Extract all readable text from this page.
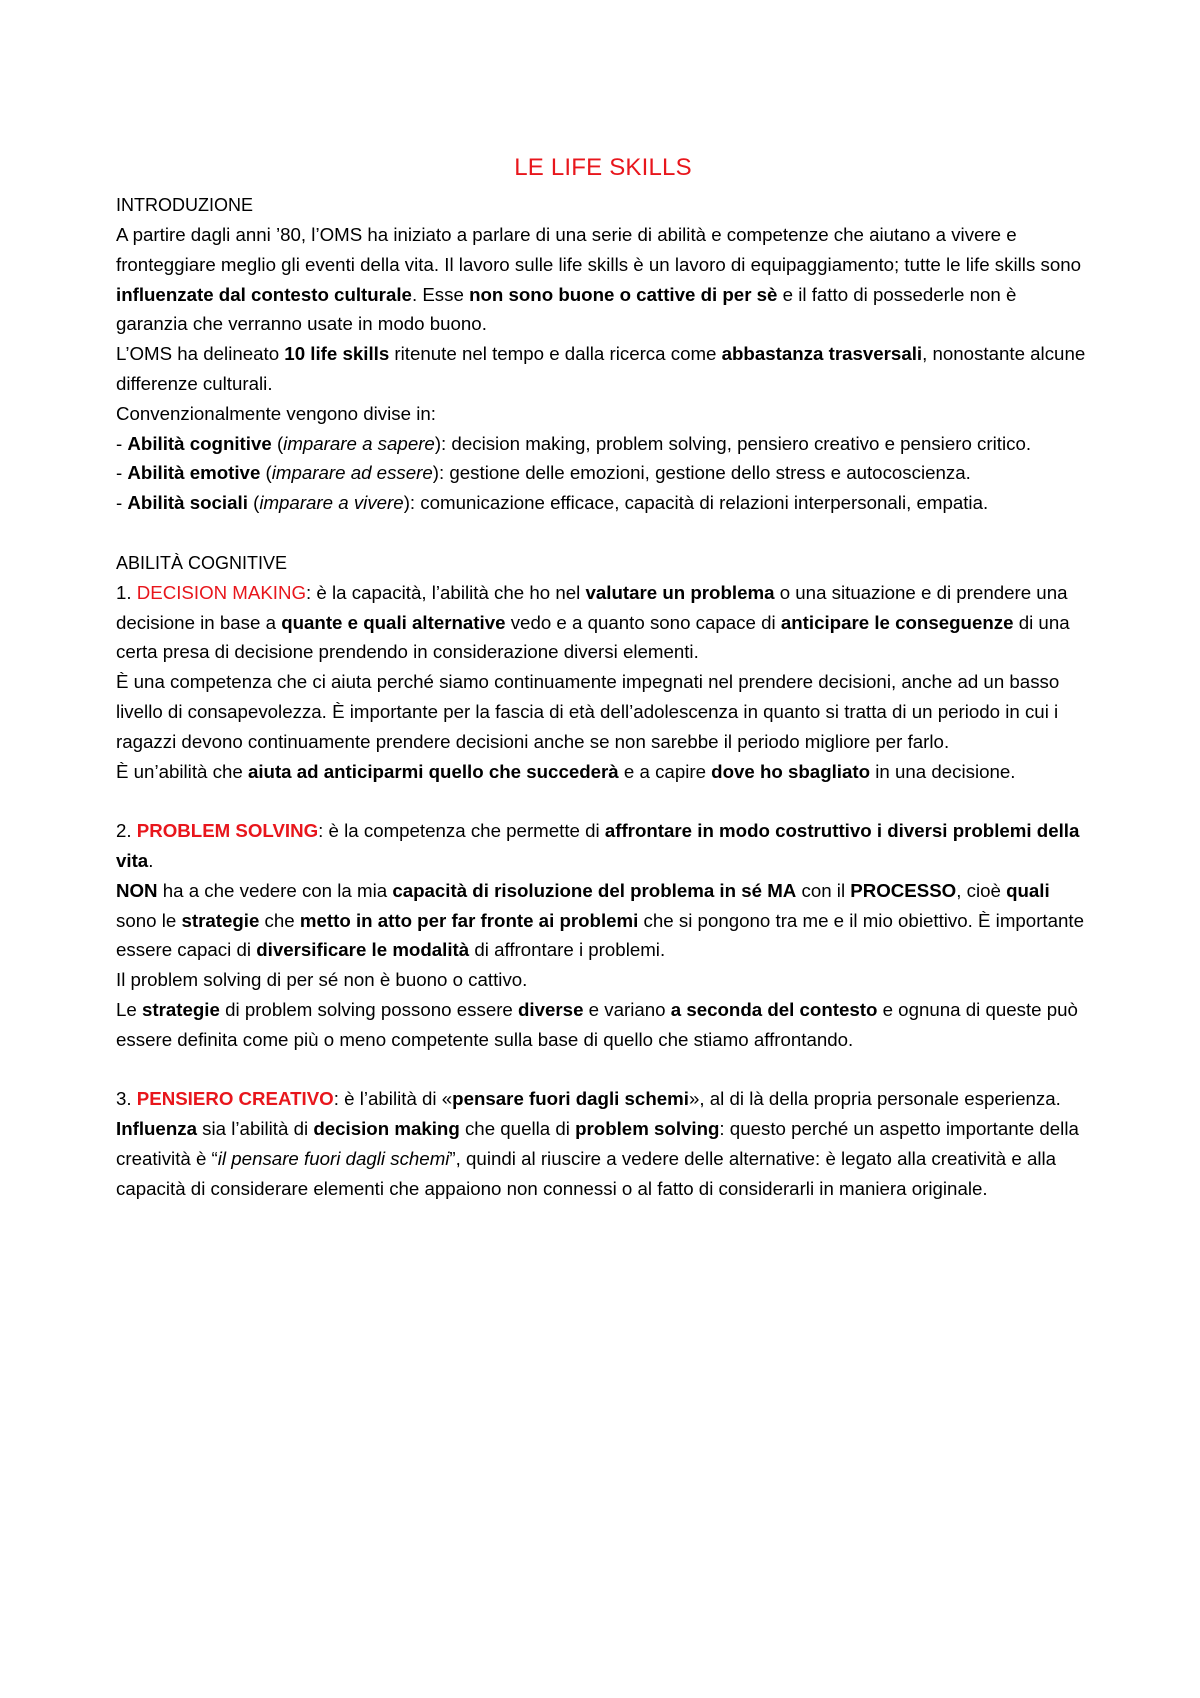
LE LIFE SKILLS
INTRODUZIONE

A partire dagli anni ’80, l’OMS ha iniziato a parlare di una serie di abilità e competenze che aiutano a vivere e fronteggiare meglio gli eventi della vita. Il lavoro sulle life skills è un lavoro di equipaggiamento; tutte le life skills sono influenzate dal contesto culturale. Esse non sono buone o cattive di per sè e il fatto di possederle non è garanzia che verranno usate in modo buono.

L’OMS ha delineato 10 life skills ritenute nel tempo e dalla ricerca come abbastanza trasversali, nonostante alcune differenze culturali.

Convenzionalmente vengono divise in:

- Abilità cognitive (imparare a sapere): decision making, problem solving, pensiero creativo e pensiero critico.

- Abilità emotive (imparare ad essere): gestione delle emozioni, gestione dello stress e autocoscienza.

- Abilità sociali (imparare a vivere): comunicazione efficace, capacità di relazioni interpersonali, empatia.

ABILITÀ COGNITIVE

1. DECISION MAKING: è la capacità, l’abilità che ho nel valutare un problema o una situazione e di prendere una decisione in base a quante e quali alternative vedo e a quanto sono capace di anticipare le conseguenze di una certa presa di decisione prendendo in considerazione diversi elementi.

È una competenza che ci aiuta perché siamo continuamente impegnati nel prendere decisioni, anche ad un basso livello di consapevolezza. È importante per la fascia di età dell’adolescenza in quanto si tratta di un periodo in cui i ragazzi devono continuamente prendere decisioni anche se non sarebbe il periodo migliore per farlo.

È un’abilità che aiuta ad anticiparmi quello che succederà e a capire dove ho sbagliato in una decisione.

2. PROBLEM SOLVING: è la competenza che permette di affrontare in modo costruttivo i diversi problemi della vita.

NON ha a che vedere con la mia capacità di risoluzione del problema in sé MA con il PROCESSO, cioè quali sono le strategie che metto in atto per far fronte ai problemi che si pongono tra me e il mio obiettivo. È importante essere capaci di diversificare le modalità di affrontare i problemi.

Il problem solving di per sé non è buono o cattivo.

Le strategie di problem solving possono essere diverse e variano a seconda del contesto e ognuna di queste può essere definita come più o meno competente sulla base di quello che stiamo affrontando.

3. PENSIERO CREATIVO: è l’abilità di «pensare fuori dagli schemi», al di là della propria personale esperienza. Influenza sia l’abilità di decision making che quella di problem solving: questo perché un aspetto importante della creatività è “il pensare fuori dagli schemi”, quindi al riuscire a vedere delle alternative: è legato alla creatività e alla capacità di considerare elementi che appaiono non connessi o al fatto di considerarli in maniera originale.
